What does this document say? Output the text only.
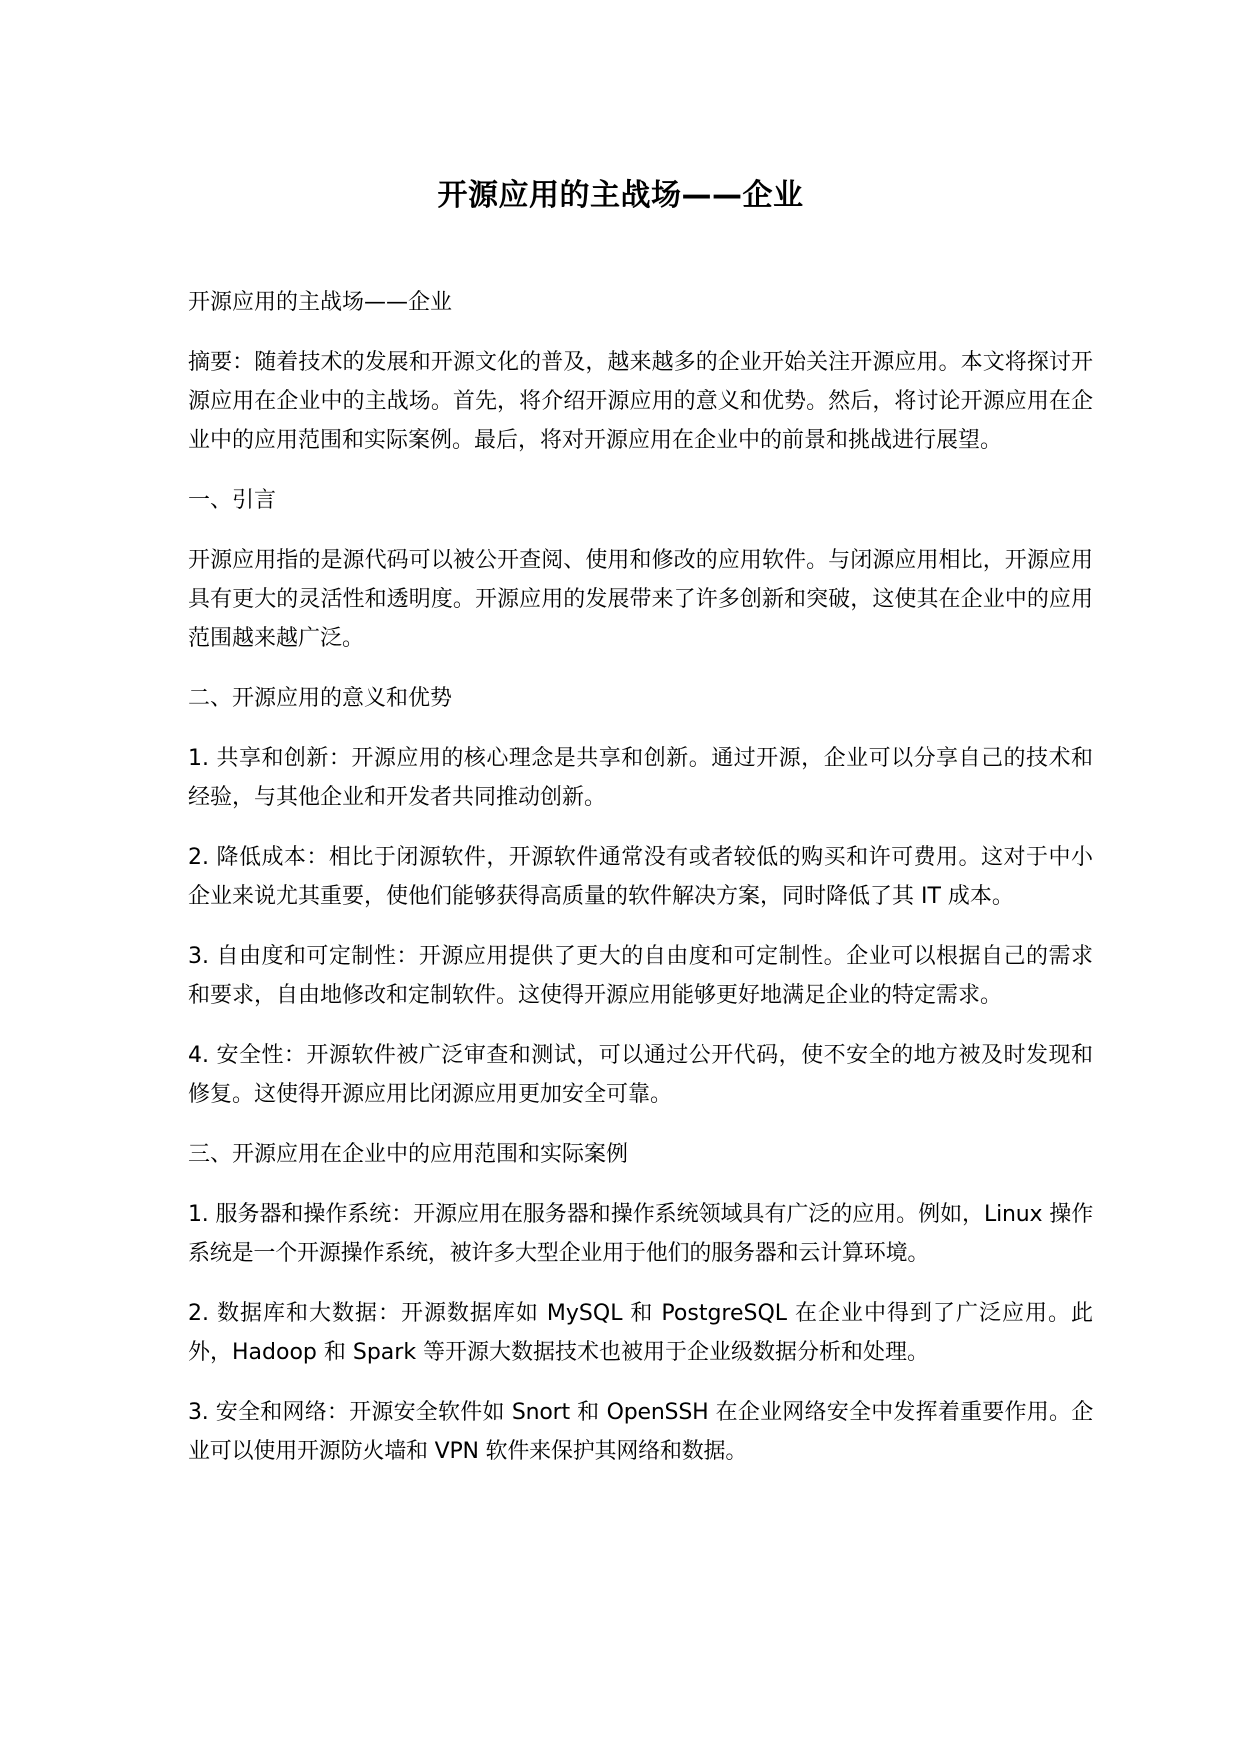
开源应用的主战场——企业

开源应用的主战场——企业

摘要：随着技术的发展和开源文化的普及，越来越多的企业开始关注开源应用。本文将探讨开源应用在企业中的主战场。首先，将介绍开源应用的意义和优势。然后，将讨论开源应用在企业中的应用范围和实际案例。最后，将对开源应用在企业中的前景和挑战进行展望。

一、引言

开源应用指的是源代码可以被公开查阅、使用和修改的应用软件。与闭源应用相比，开源应用具有更大的灵活性和透明度。开源应用的发展带来了许多创新和突破，这使其在企业中的应用范围越来越广泛。

二、开源应用的意义和优势

1. 共享和创新：开源应用的核心理念是共享和创新。通过开源，企业可以分享自己的技术和经验，与其他企业和开发者共同推动创新。

2. 降低成本：相比于闭源软件，开源软件通常没有或者较低的购买和许可费用。这对于中小企业来说尤其重要，使他们能够获得高质量的软件解决方案，同时降低了其 IT 成本。

3. 自由度和可定制性：开源应用提供了更大的自由度和可定制性。企业可以根据自己的需求和要求，自由地修改和定制软件。这使得开源应用能够更好地满足企业的特定需求。

4. 安全性：开源软件被广泛审查和测试，可以通过公开代码，使不安全的地方被及时发现和修复。这使得开源应用比闭源应用更加安全可靠。

三、开源应用在企业中的应用范围和实际案例

1. 服务器和操作系统：开源应用在服务器和操作系统领域具有广泛的应用。例如，Linux 操作系统是一个开源操作系统，被许多大型企业用于他们的服务器和云计算环境。

2. 数据库和大数据：开源数据库如 MySQL 和 PostgreSQL 在企业中得到了广泛应用。此外，Hadoop 和 Spark 等开源大数据技术也被用于企业级数据分析和处理。

3. 安全和网络：开源安全软件如 Snort 和 OpenSSH 在企业网络安全中发挥着重要作用。企业可以使用开源防火墙和 VPN 软件来保护其网络和数据。
